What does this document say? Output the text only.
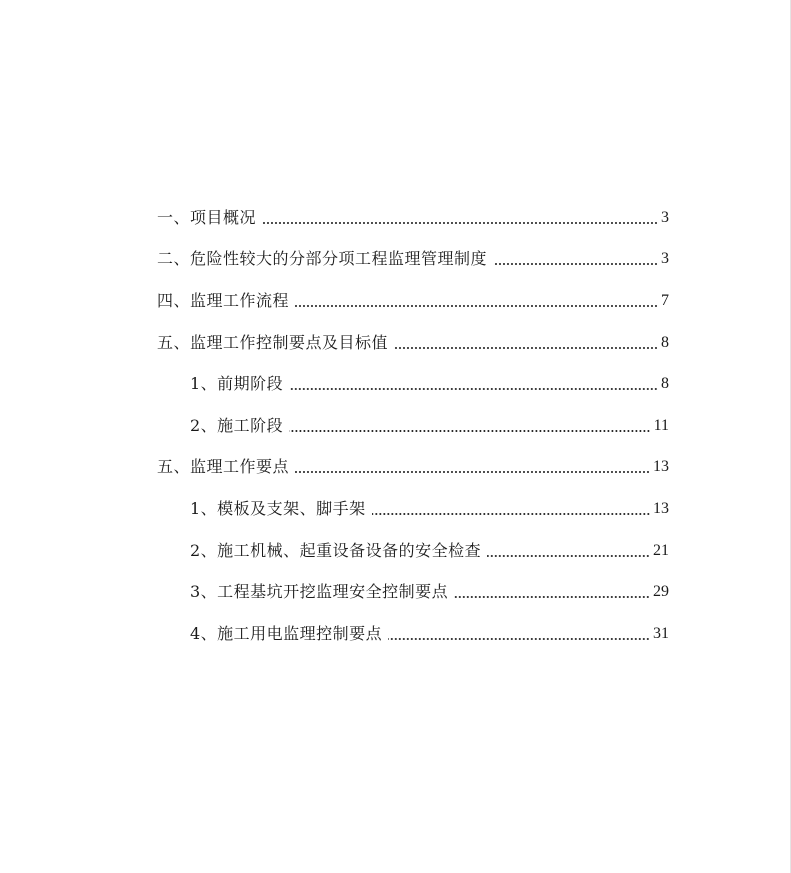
一、项目概况	3
二、危险性较大的分部分项工程监理管理制度	3
四、监理工作流程	7
五、监理工作控制要点及目标值	8
1、前期阶段	8
2、施工阶段	11
五、监理工作要点	13
1、模板及支架、脚手架	13
2、施工机械、起重设备设备的安全检查	21
3、工程基坑开挖监理安全控制要点	29
4、施工用电监理控制要点	31
